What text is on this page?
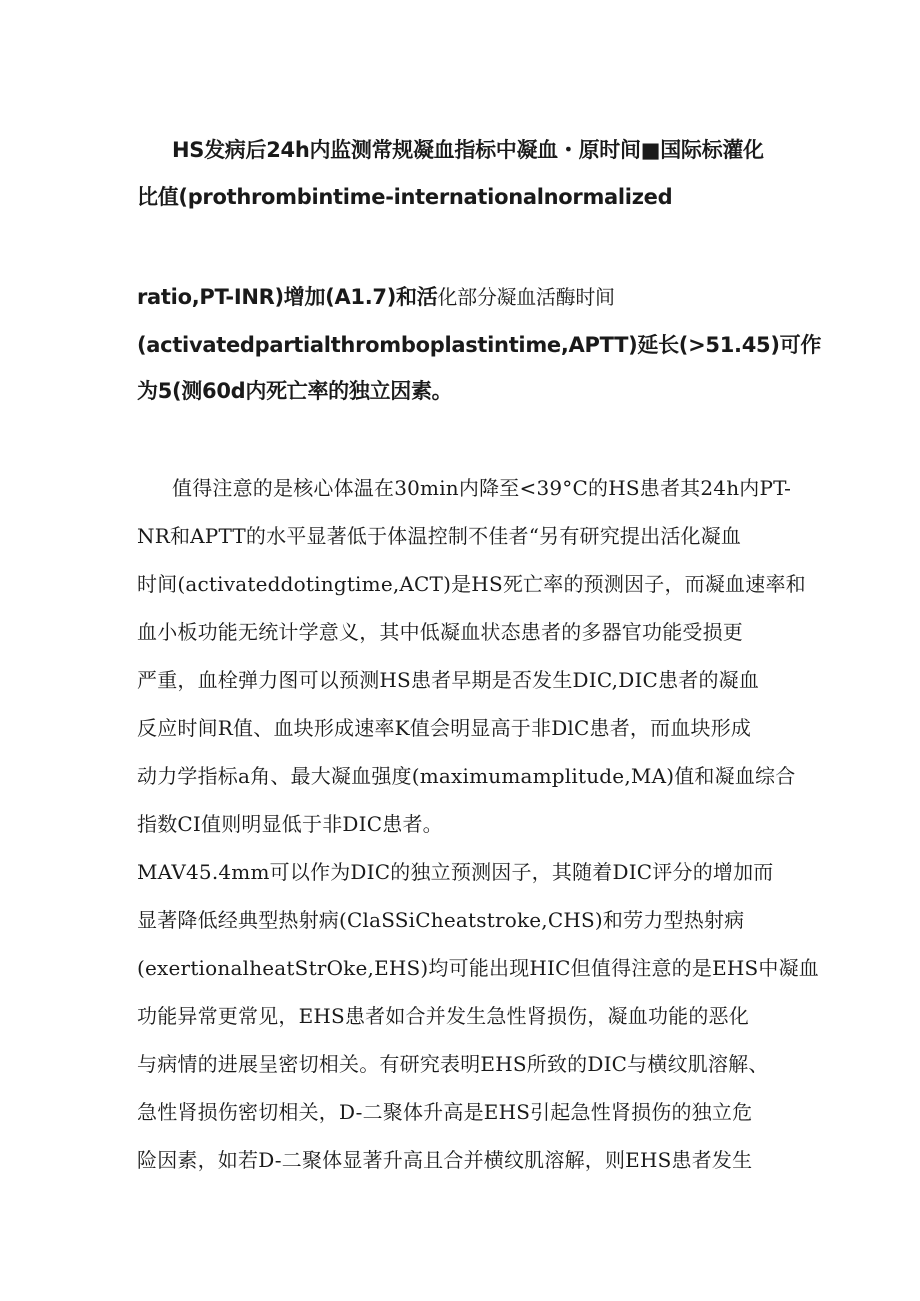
HS发病后24h内监测常规凝血指标中凝血・原时间■国际标灌化
比值(prothrombintime-internationalnormalized
ratio,PT-INR)增加(A1.7)和活化部分凝血活酶时间
(activatedpartialthromboplastintime,APTT)延长(>51.45)可作
为5(测60d内死亡率的独立因素。
值得注意的是核心体温在30min内降至<39°C的HS患者其24h内PT-
NR和APTT的水平显著低于体温控制不佳者“另有研究提出活化凝血
时间(activateddotingtime,ACT)是HS死亡率的预测因子，而凝血速率和
血小板功能无统计学意义，其中低凝血状态患者的多器官功能受损更
严重，血栓弹力图可以预测HS患者早期是否发生DIC,DIC患者的凝血
反应时间R值、血块形成速率K值会明显高于非DlC患者，而血块形成
动力学指标a角、最大凝血强度(maximumamplitude,MA)值和凝血综合
指数CI值则明显低于非DIC患者。
MAV45.4mm可以作为DIC的独立预测因子，其随着DIC评分的增加而
显著降低经典型热射病(ClaSSiCheatstroke,CHS)和劳力型热射病
(exertionalheatStrOke,EHS)均可能出现HIC但值得注意的是EHS中凝血
功能异常更常见，EHS患者如合并发生急性肾损伤，凝血功能的恶化
与病情的进展呈密切相关。有研究表明EHS所致的DIC与横纹肌溶解、
急性肾损伤密切相关，D-二聚体升高是EHS引起急性肾损伤的独立危
险因素，如若D-二聚体显著升高且合并横纹肌溶解，则EHS患者发生
